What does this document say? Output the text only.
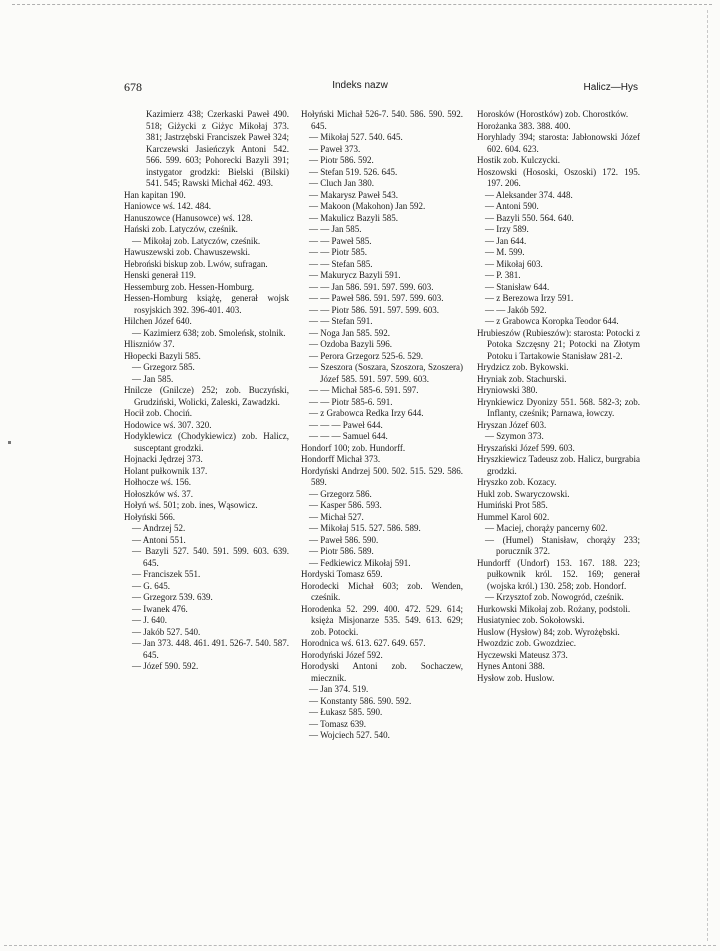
678	Indeks nazw	Halicz—Hys
Kazimierz 438; Czerkaski Paweł 490. 518; Giżycki z Giżyc Mikołaj 373. 381; Jastrzębski Franciszek Paweł 324; Karczewski Jasieńczyk Antoni 542. 566. 599. 603; Pohorecki Bazyli 391; instygator grodzki: Bielski (Bilski) 541. 545; Rawski Michał 462. 493.
Han kapitan 190.
Haniowce wś. 142. 484.
Hanuszowce (Hanusowce) wś. 128.
Hański zob. Latyczów, cześnik.
— Mikołaj zob. Latyczów, cześnik.
Hawuszewski zob. Chawuszewski.
Hebroński biskup zob. Lwów, sufragan.
Henski generał 119.
Hessemburg zob. Hessen-Homburg.
Hessen-Homburg książę, generał wojsk rosyjskich 392. 396-401. 403.
Hilchen Józef 640.
— Kazimierz 638; zob. Smoleńsk, stolnik.
Hliszniów 37.
Hłopecki Bazyli 585.
— Grzegorz 585.
— Jan 585.
Hnilcze (Gnilcze) 252; zob. Buczyński, Grudziński, Wolicki, Zaleski, Zawadzki.
Hocił zob. Chociń.
Hodowice wś. 307. 320.
Hodyklewicz (Chodykiewicz) zob. Halicz, susceptant grodzki.
Hojnacki Jędrzej 373.
Holant pułkownik 137.
Hołhocze wś. 156.
Hołoszków wś. 37.
Hołyń wś. 501; zob. ines, Wąsowicz.
Hołyński 566.
— Andrzej 52.
— Antoni 551.
— Bazyli 527. 540. 591. 599. 603. 639. 645.
— Franciszek 551.
— G. 645.
— Grzegorz 539. 639.
— Iwanek 476.
— J. 640.
— Jakób 527. 540.
— Jan 373. 448. 461. 491. 526-7. 540. 587. 645.
— Józef 590. 592.
Hołyński Michał 526-7. 540. 586. 590. 592. 645.
— Mikołaj 527. 540. 645.
— Paweł 373.
— Piotr 586. 592.
— Stefan 519. 526. 645.
— Cluch Jan 380.
— Makarysz Paweł 543.
— Makoon (Makohon) Jan 592.
— Makulicz Bazyli 585.
— — Jan 585.
— — Paweł 585.
— — Piotr 585.
— — Stefan 585.
— Makurycz Bazyli 591.
— — Jan 586. 591. 597. 599. 603.
— — Paweł 586. 591. 597. 599. 603.
— — Piotr 586. 591. 597. 599. 603.
— — Stefan 591.
— Noga Jan 585. 592.
— Ozdoba Bazyli 596.
— Perora Grzegorz 525-6. 529.
— Szeszora (Soszara, Szoszora, Szoszera) Józef 585. 591. 597. 599. 603.
— — Michał 585-6. 591. 597.
— — Piotr 585-6. 591.
— z Grabowca Redka Irzy 644.
— — — Paweł 644.
— — — Samuel 644.
Hondorf 100; zob. Hundorff.
Hondorff Michał 373.
Hordyński Andrzej 500. 502. 515. 529. 586. 589.
— Grzegorz 586.
— Kasper 586. 593.
— Michał 527.
— Mikołaj 515. 527. 586. 589.
— Paweł 586. 590.
— Piotr 586. 589.
— Fedkiewicz Mikołaj 591.
Hordyski Tomasz 659.
Horodecki Michał 603; zob. Wenden, cześnik.
Horodenka 52. 299. 400. 472. 529. 614; księża Misjonarze 535. 549. 613. 629; zob. Potocki.
Horodnica wś. 613. 627. 649. 657.
Horodyński Józef 592.
Horodyski Antoni zob. Sochaczew, miecznik.
— Jan 374. 519.
— Konstanty 586. 590. 592.
— Łukasz 585. 590.
— Tomasz 639.
— Wojciech 527. 540.
Horosków (Horostków) zob. Chorostków.
Horożanka 383. 388. 400.
Horyhlady 394; starosta: Jabłonowski Józef 602. 604. 623.
Hostik zob. Kulczycki.
Hoszowski (Hososki, Oszoski) 172. 195. 197. 206.
— Aleksander 374. 448.
— Antoni 590.
— Bazyli 550. 564. 640.
— Irzy 589.
— Jan 644.
— M. 599.
— Mikołaj 603.
— P. 381.
— Stanisław 644.
— z Berezowa Irzy 591.
— — Jakób 592.
— z Grabowca Koropka Teodor 644.
Hrubieszów (Rubieszów): starosta: Potocki z Potoka Szczęsny 21; Potocki na Złotym Potoku i Tartakowie Stanisław 281-2.
Hrydzicz zob. Bykowski.
Hryniak zob. Stachurski.
Hryniowski 380.
Hrynkiewicz Dyonizy 551. 568. 582-3; zob. Inflanty, cześnik; Parnawa, łowczy.
Hryszan Józef 603.
— Szymon 373.
Hryszański Józef 599. 603.
Hryszkiewicz Tadeusz zob. Halicz, burgrabia grodzki.
Hryszko zob. Kozacy.
Hukl zob. Swaryczowski.
Humiński Prot 585.
Hummel Karol 602.
— Maciej, chorąży pancerny 602.
— (Humel) Stanisław, chorąży 233; poruczník 372.
Hundorff (Undorf) 153. 167. 188. 223; pułkownik król. 152. 169; generał (wojska król.) 130. 258; zob. Hondorf.
— Krzysztof zob. Nowogród, cześnik.
Hurkowski Mikołaj zob. Rożany, podstoli.
Husiatyniec zob. Sokołowski.
Huslow (Hysłow) 84; zob. Wyrożębski.
Hwozdzic zob. Gwozdziec.
Hyczewski Mateusz 373.
Hynes Antoni 388.
Hysłow zob. Huslow.
